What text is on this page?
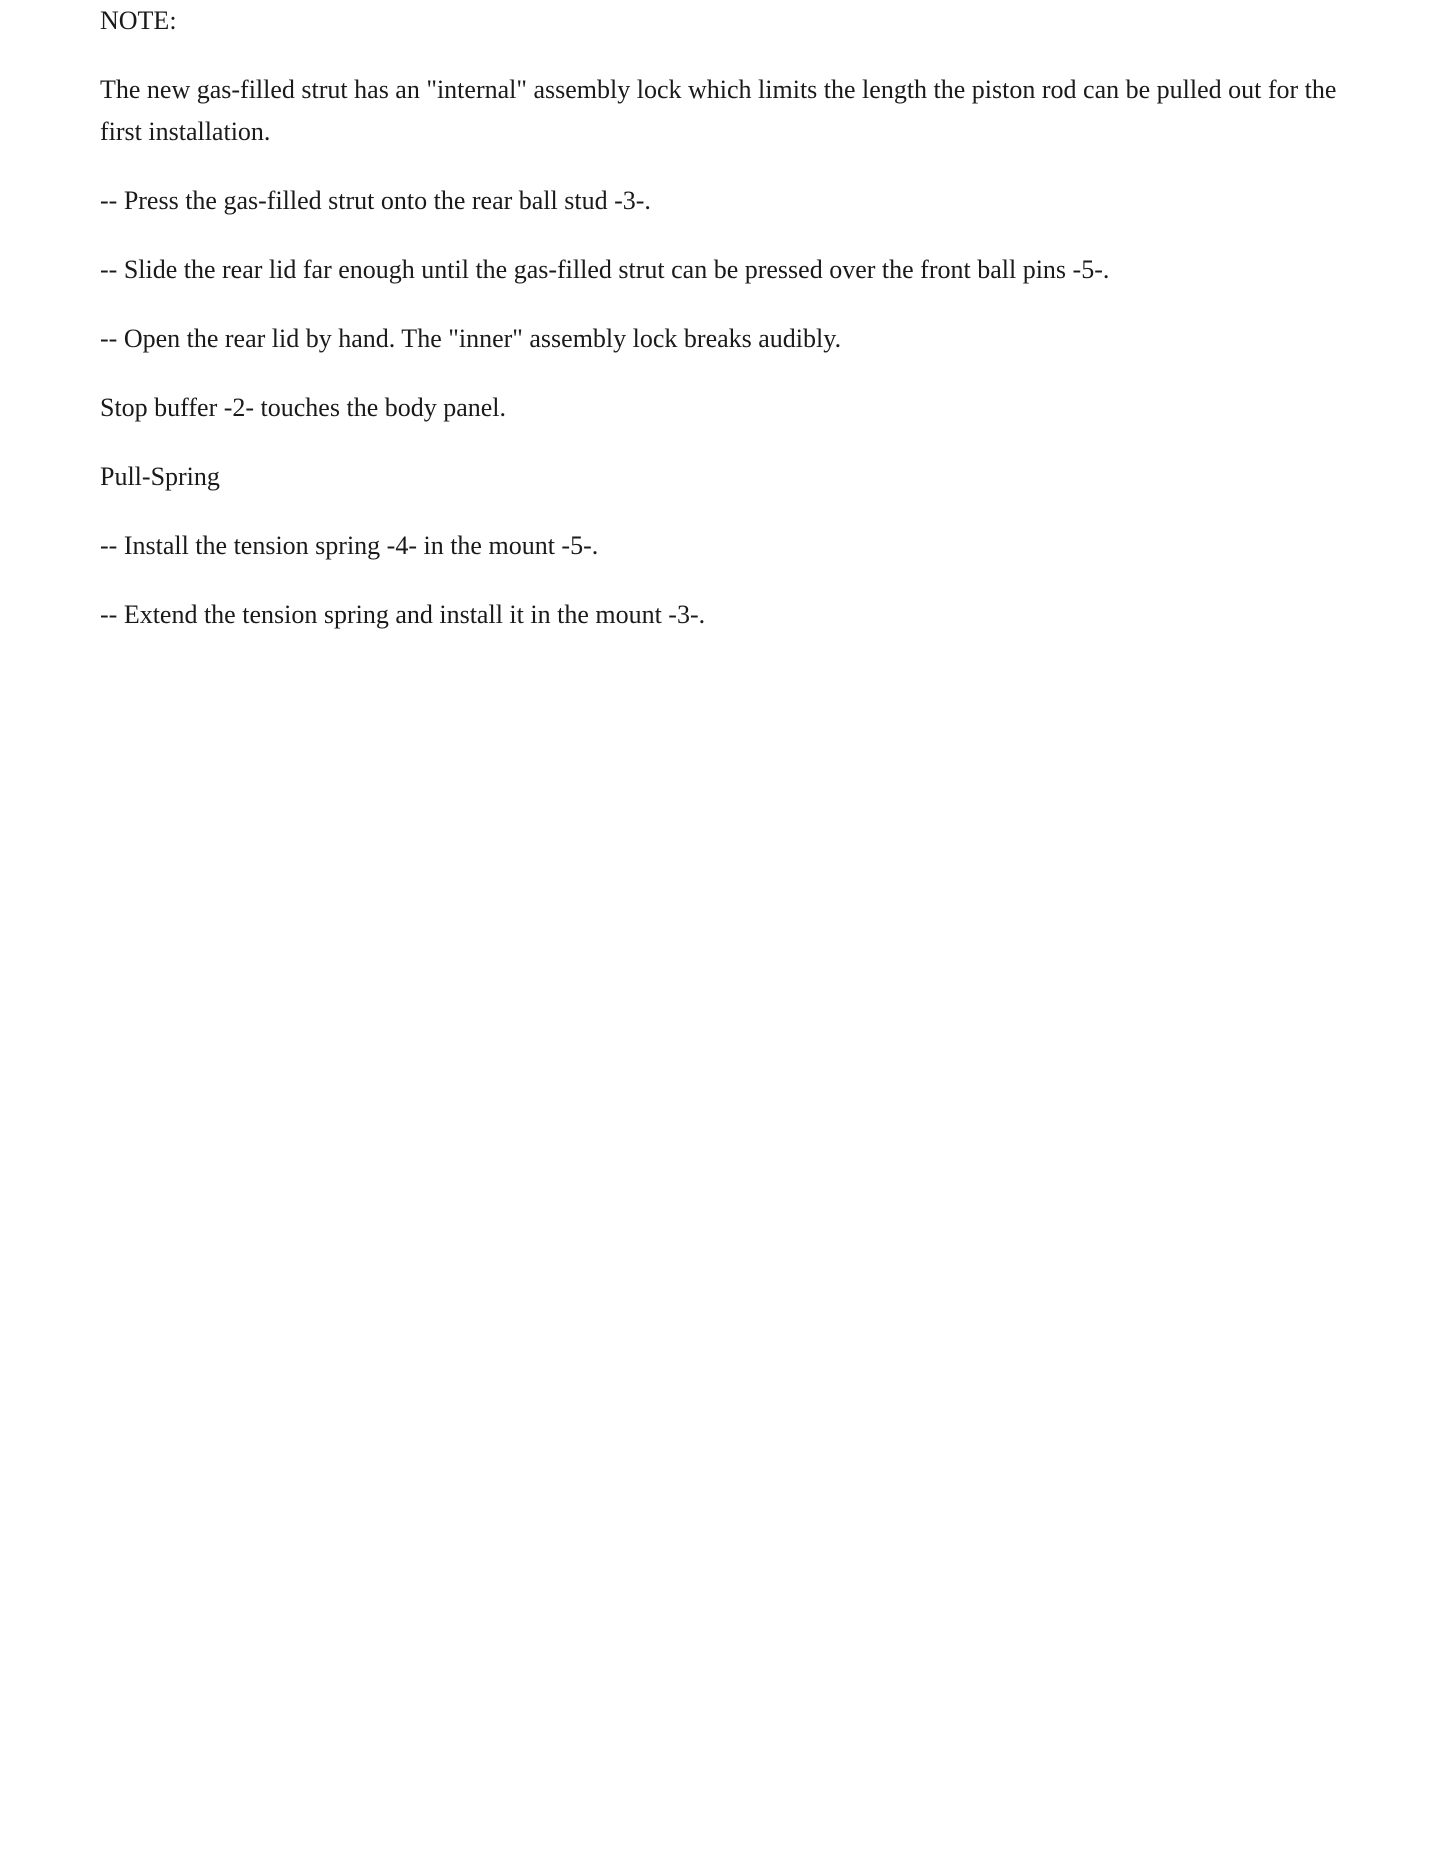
NOTE:

The new gas-filled strut has an "internal" assembly lock which limits the length the piston rod can be pulled out for the first installation.

-- Press the gas-filled strut onto the rear ball stud -3-.

-- Slide the rear lid far enough until the gas-filled strut can be pressed over the front ball pins -5-.

-- Open the rear lid by hand. The "inner" assembly lock breaks audibly.

Stop buffer -2- touches the body panel.

Pull-Spring

-- Install the tension spring -4- in the mount -5-.

-- Extend the tension spring and install it in the mount -3-.
